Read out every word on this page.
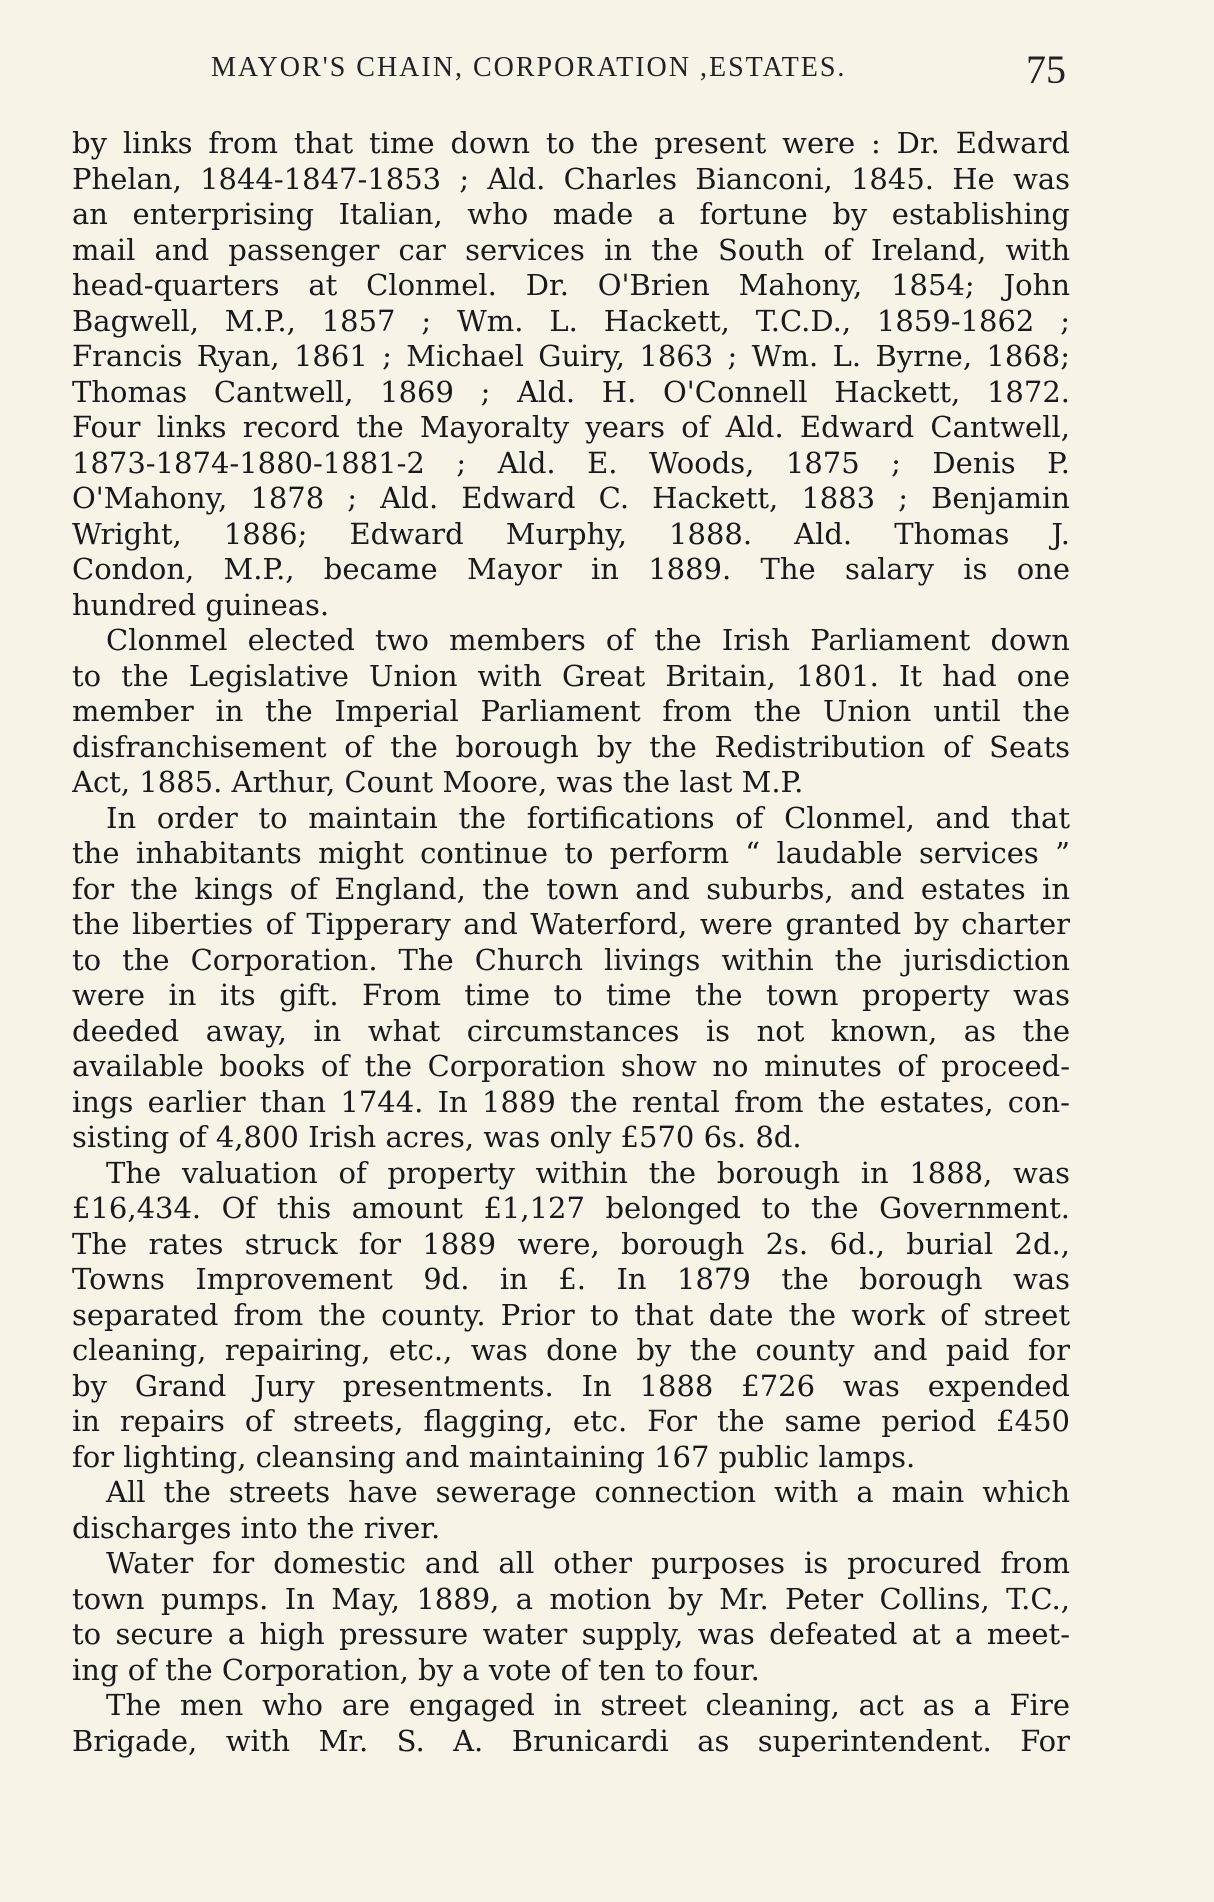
MAYOR'S CHAIN, CORPORATION ,ESTATES.	75
by links from that time down to the present were : Dr. Edward
Phelan, 1844-1847-1853 ; Ald. Charles Bianconi, 1845. He was
an enterprising Italian, who made a fortune by establishing
mail and passenger car services in the South of Ireland, with
head-quarters at Clonmel. Dr. O'Brien Mahony, 1854; John
Bagwell, M.P., 1857 ; Wm. L. Hackett, T.C.D., 1859-1862 ;
Francis Ryan, 1861 ; Michael Guiry, 1863 ; Wm. L. Byrne, 1868;
Thomas Cantwell, 1869 ; Ald. H. O'Connell Hackett, 1872.
Four links record the Mayoralty years of Ald. Edward Cantwell,
1873-1874-1880-1881-2 ; Ald. E. Woods, 1875 ; Denis P.
O'Mahony, 1878 ; Ald. Edward C. Hackett, 1883 ; Benjamin
Wright, 1886; Edward Murphy, 1888. Ald. Thomas J.
Condon, M.P., became Mayor in 1889. The salary is one
hundred guineas.
Clonmel elected two members of the Irish Parliament down
to the Legislative Union with Great Britain, 1801. It had one
member in the Imperial Parliament from the Union until the
disfranchisement of the borough by the Redistribution of Seats
Act, 1885. Arthur, Count Moore, was the last M.P.
In order to maintain the fortifications of Clonmel, and that
the inhabitants might continue to perform “ laudable services ”
for the kings of England, the town and suburbs, and estates in
the liberties of Tipperary and Waterford, were granted by charter
to the Corporation. The Church livings within the jurisdiction
were in its gift. From time to time the town property was
deeded away, in what circumstances is not known, as the
available books of the Corporation show no minutes of proceed-
ings earlier than 1744. In 1889 the rental from the estates, con-
sisting of 4,800 Irish acres, was only £570 6s. 8d.
The valuation of property within the borough in 1888, was
£16,434. Of this amount £1,127 belonged to the Government.
The rates struck for 1889 were, borough 2s. 6d., burial 2d.,
Towns Improvement 9d. in £. In 1879 the borough was
separated from the county. Prior to that date the work of street
cleaning, repairing, etc., was done by the county and paid for
by Grand Jury presentments. In 1888 £726 was expended
in repairs of streets, flagging, etc. For the same period £450
for lighting, cleansing and maintaining 167 public lamps.
All the streets have sewerage connection with a main which
discharges into the river.
Water for domestic and all other purposes is procured from
town pumps. In May, 1889, a motion by Mr. Peter Collins, T.C.,
to secure a high pressure water supply, was defeated at a meet-
ing of the Corporation, by a vote of ten to four.
The men who are engaged in street cleaning, act as a Fire
Brigade, with Mr. S. A. Brunicardi as superintendent. For
